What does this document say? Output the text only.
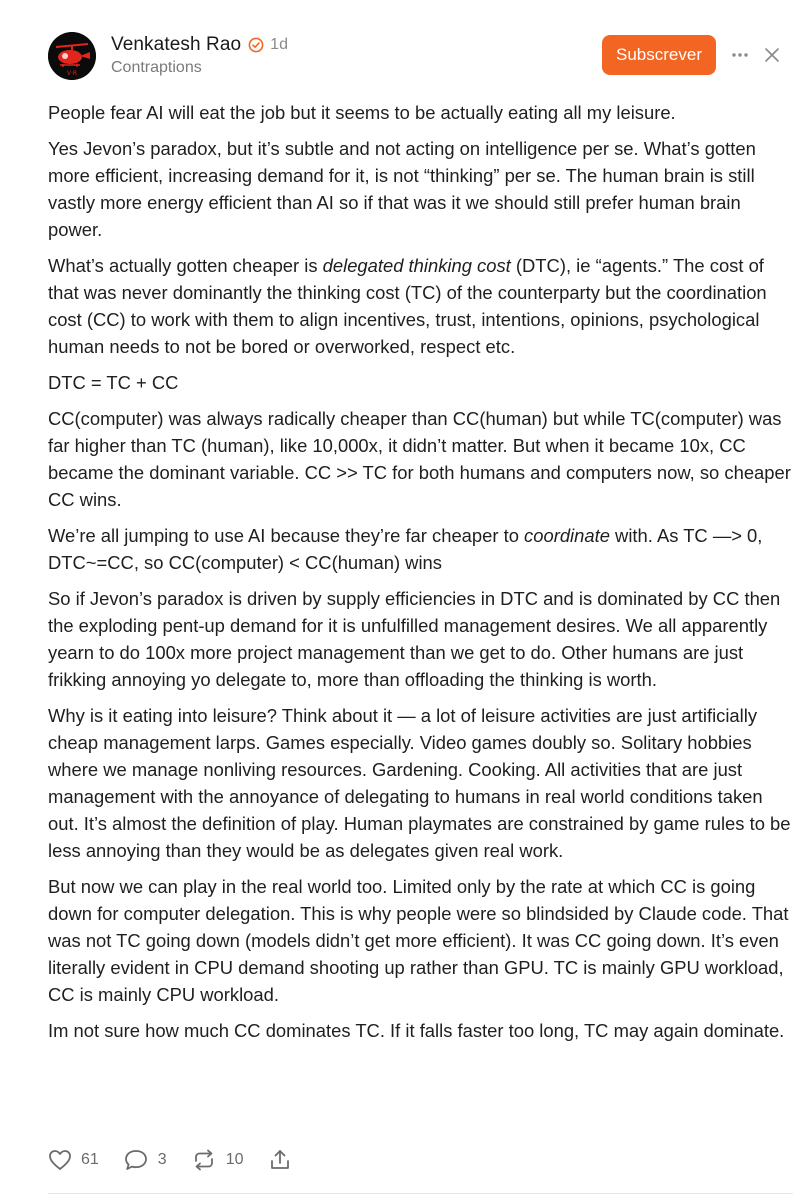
V·R
Venkatesh Rao 1d
Contraptions
Subscrever

People fear AI will eat the job but it seems to be actually eating all my leisure.

Yes Jevon’s paradox, but it’s subtle and not acting on intelligence per se. What’s gotten more efficient, increasing demand for it, is not “thinking” per se. The human brain is still vastly more energy efficient than AI so if that was it we should still prefer human brain power.

What’s actually gotten cheaper is delegated thinking cost (DTC), ie “agents.” The cost of that was never dominantly the thinking cost (TC) of the counterparty but the coordination cost (CC) to work with them to align incentives, trust, intentions, opinions, psychological human needs to not be bored or overworked, respect etc.

DTC = TC + CC

CC(computer) was always radically cheaper than CC(human) but while TC(computer) was far higher than TC (human), like 10,000x, it didn’t matter. But when it became 10x, CC became the dominant variable. CC >> TC for both humans and computers now, so cheaper CC wins.

We’re all jumping to use AI because they’re far cheaper to coordinate with. As TC —> 0, DTC~=CC, so CC(computer) < CC(human) wins

So if Jevon’s paradox is driven by supply efficiencies in DTC and is dominated by CC then the exploding pent-up demand for it is unfulfilled management desires. We all apparently yearn to do 100x more project management than we get to do. Other humans are just frikking annoying yo delegate to, more than offloading the thinking is worth.

Why is it eating into leisure? Think about it — a lot of leisure activities are just artificially cheap management larps. Games especially. Video games doubly so. Solitary hobbies where we manage nonliving resources. Gardening. Cooking. All activities that are just management with the annoyance of delegating to humans in real world conditions taken out. It’s almost the definition of play. Human playmates are constrained by game rules to be less annoying than they would be as delegates given real work.

But now we can play in the real world too. Limited only by the rate at which CC is going down for computer delegation. This is why people were so blindsided by Claude code. That was not TC going down (models didn’t get more efficient). It was CC going down. It’s even literally evident in CPU demand shooting up rather than GPU. TC is mainly GPU workload, CC is mainly CPU workload.

Im not sure how much CC dominates TC. If it falls faster too long, TC may again dominate.

61	3	10
